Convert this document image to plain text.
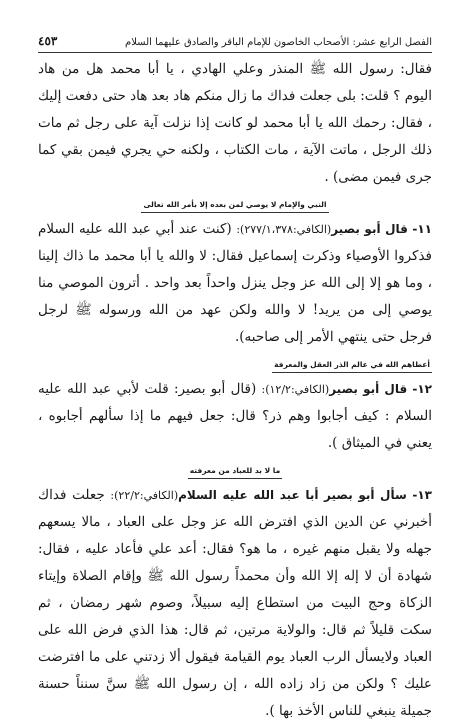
الفصل الرابع عشر: الأصحاب الخاصون للإمام الباقر والصادق عليهما السلام
٤٥٣

فقال: رسول الله ﷺ المنذر وعلي الهادي ، يا أبا محمد هل من هاد اليوم ؟ قلت: بلى جعلت فداك ما زال منكم هاد بعد هاد حتى دفعت إليك ، فقال: رحمك الله يا أبا محمد لو كانت إذا نزلت آية على رجل ثم مات ذلك الرجل ، ماتت الآية ، مات الكتاب ، ولكنه حي يجري فيمن بقي كما جرى فيمن مضى) .

النبي والإمام لا يوصي لمن بعده إلا بأمر الله تعالى

١١- قال أبو بصير(الكافي:٢٧٧/١،٣٧٨): (كنت عند أبي عبد الله عليه السلام فذكروا الأوصياء وذكرت إسماعيل فقال: لا والله يا أبا محمد ما ذاك إلينا ، وما هو إلا إلى الله عز وجل ينزل واحداً بعد واحد . أترون الموصي منا يوصي إلى من يريد! لا والله ولكن عهد من الله ورسوله ﷺ لرجل فرجل حتى ينتهي الأمر إلى صاحبه).

أعطاهم الله في عالم الذر العقل والمعرفة

١٢- قال أبو بصير(الكافي:١٢/٢): (قال أبو بصير: قلت لأبي عبد الله عليه السلام : كيف أجابوا وهم ذر؟ قال: جعل فيهم ما إذا سألهم أجابوه ، يعني في الميثاق ).

ما لا بد للعباد من معرفته

١٣- سأل أبو بصير أبا عبد الله عليه السلام(الكافي:٢٢/٢): جعلت فداك أخبرني عن الدين الذي افترض الله عز وجل على العباد ، مالا يسعهم جهله ولا يقبل منهم غيره ، ما هو؟ فقال: أعد علي فأعاد عليه ، فقال: شهادة أن لا إله إلا الله وأن محمداً رسول الله ﷺ وإقام الصلاة وإيتاء الزكاة وحج البيت من استطاع إليه سبيلاً، وصوم شهر رمضان ، ثم سكت قليلاً ثم قال: والولاية مرتين، ثم قال: هذا الذي فرض الله على العباد ولايسأل الرب العباد يوم القيامة فيقول ألا زدتني على ما افترضت عليك ؟ ولكن من زاد زاده الله ، إن رسول الله ﷺ سنَّ سنناً حسنة جميلة ينبغي للناس الأخذ بها ).
